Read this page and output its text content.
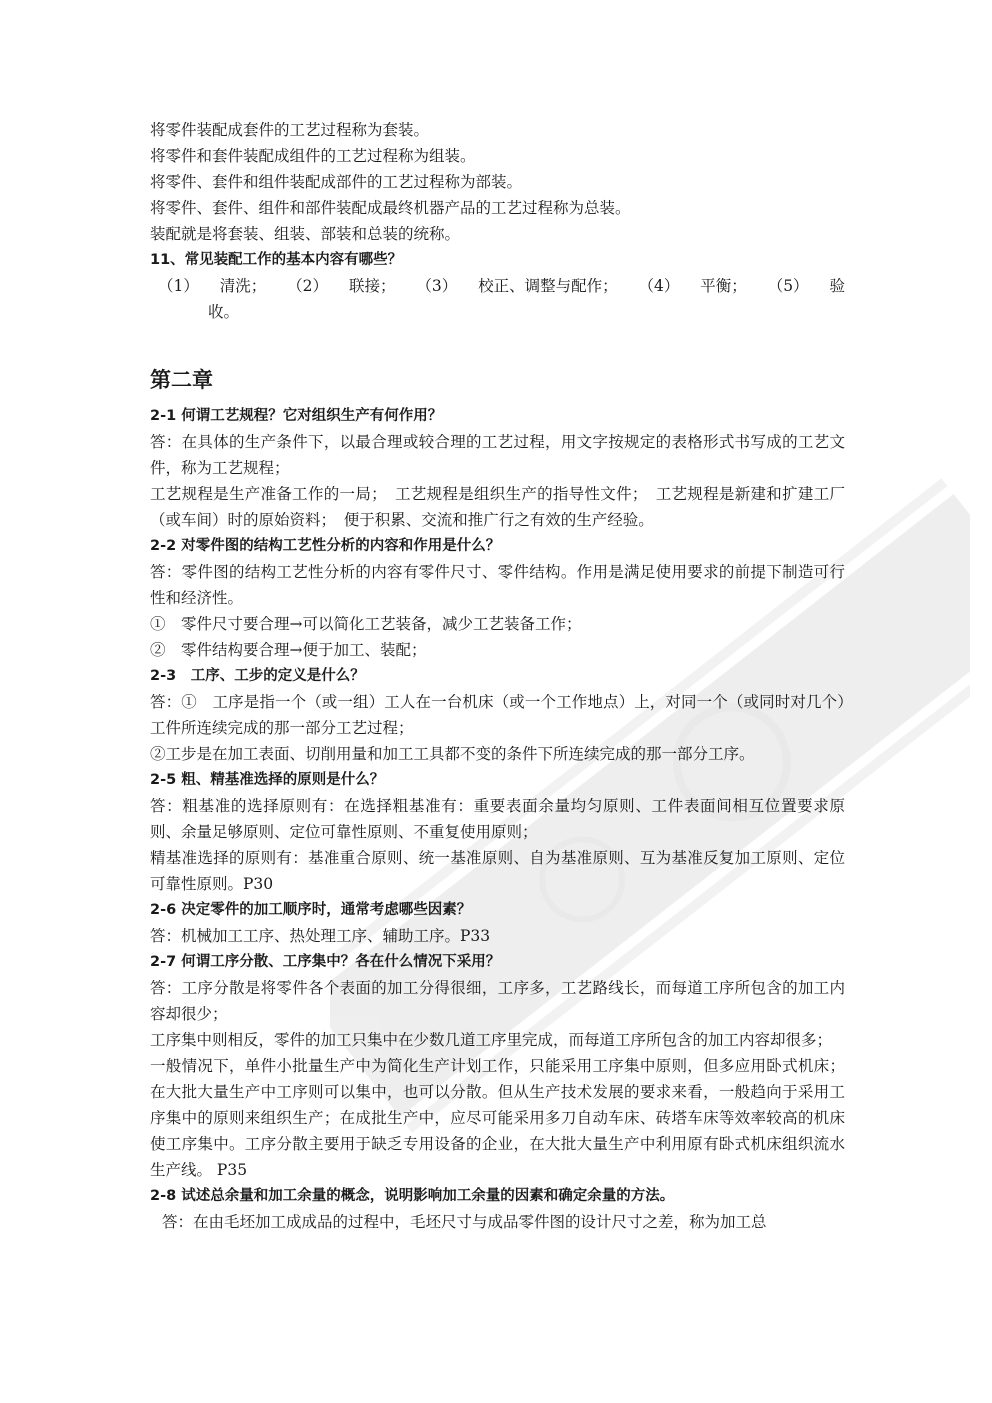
将零件装配成套件的工艺过程称为套装。

将零件和套件装配成组件的工艺过程称为组装。

将零件、套件和组件装配成部件的工艺过程称为部装。

将零件、套件、组件和部件装配成最终机器产品的工艺过程称为总装。

装配就是将套装、组装、部装和总装的统称。

11、常见装配工作的基本内容有哪些？

（1） 清洗； （2） 联接； （3） 校正、调整与配作； （4） 平衡； （5） 验

收。

第二章

2-1 何谓工艺规程？它对组织生产有何作用？

答：在具体的生产条件下，以最合理或较合理的工艺过程，用文字按规定的表格形式书写成的工艺文件，称为工艺规程；

工艺规程是生产准备工作的一局；　工艺规程是组织生产的指导性文件；　工艺规程是新建和扩建工厂（或车间）时的原始资料；　便于积累、交流和推广行之有效的生产经验。

2-2 对零件图的结构工艺性分析的内容和作用是什么？

答：零件图的结构工艺性分析的内容有零件尺寸、零件结构。作用是满足使用要求的前提下制造可行性和经济性。

①　零件尺寸要合理→可以简化工艺装备，减少工艺装备工作；

②　零件结构要合理→便于加工、装配；

2-3　工序、工步的定义是什么？

答：①　工序是指一个（或一组）工人在一台机床（或一个工作地点）上，对同一个（或同时对几个）工件所连续完成的那一部分工艺过程；

②工步是在加工表面、切削用量和加工工具都不变的条件下所连续完成的那一部分工序。

2-5 粗、精基准选择的原则是什么？

答：粗基准的选择原则有：在选择粗基准有：重要表面余量均匀原则、工件表面间相互位置要求原则、余量足够原则、定位可靠性原则、不重复使用原则；

精基准选择的原则有：基准重合原则、统一基准原则、自为基准原则、互为基准反复加工原则、定位可靠性原则。P30

2-6 决定零件的加工顺序时，通常考虑哪些因素？

答：机械加工工序、热处理工序、辅助工序。P33

2-7 何谓工序分散、工序集中？各在什么情况下采用？

答：工序分散是将零件各个表面的加工分得很细，工序多，工艺路线长，而每道工序所包含的加工内容却很少；

工序集中则相反，零件的加工只集中在少数几道工序里完成，而每道工序所包含的加工内容却很多；

一般情况下，单件小批量生产中为简化生产计划工作，只能采用工序集中原则，但多应用卧式机床；在大批大量生产中工序则可以集中，也可以分散。但从生产技术发展的要求来看，一般趋向于采用工序集中的原则来组织生产；在成批生产中，应尽可能采用多刀自动车床、砖塔车床等效率较高的机床使工序集中。工序分散主要用于缺乏专用设备的企业，在大批大量生产中利用原有卧式机床组织流水生产线。 P35

2-8 试述总余量和加工余量的概念，说明影响加工余量的因素和确定余量的方法。

答：在由毛坯加工成成品的过程中，毛坯尺寸与成品零件图的设计尺寸之差，称为加工总
